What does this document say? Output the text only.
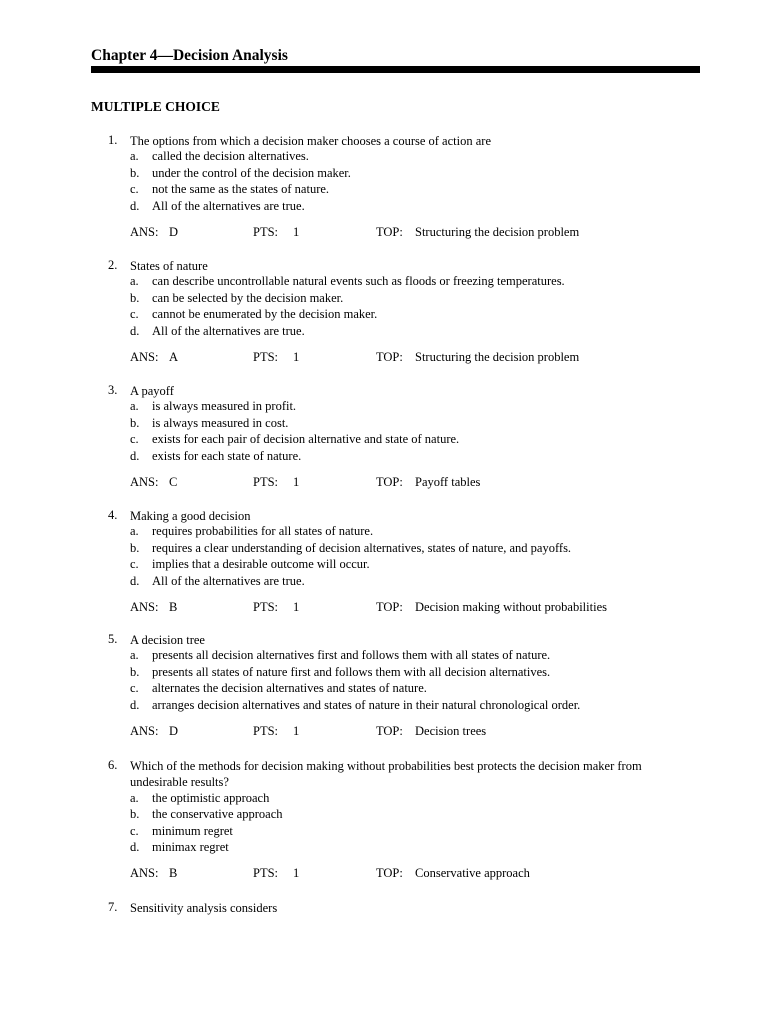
Chapter 4—Decision Analysis
MULTIPLE CHOICE
1. The options from which a decision maker chooses a course of action are
a. called the decision alternatives.
b. under the control of the decision maker.
c. not the same as the states of nature.
d. All of the alternatives are true.
ANS: D	PTS: 1	TOP: Structuring the decision problem
2. States of nature
a. can describe uncontrollable natural events such as floods or freezing temperatures.
b. can be selected by the decision maker.
c. cannot be enumerated by the decision maker.
d. All of the alternatives are true.
ANS: A	PTS: 1	TOP: Structuring the decision problem
3. A payoff
a. is always measured in profit.
b. is always measured in cost.
c. exists for each pair of decision alternative and state of nature.
d. exists for each state of nature.
ANS: C	PTS: 1	TOP: Payoff tables
4. Making a good decision
a. requires probabilities for all states of nature.
b. requires a clear understanding of decision alternatives, states of nature, and payoffs.
c. implies that a desirable outcome will occur.
d. All of the alternatives are true.
ANS: B	PTS: 1	TOP: Decision making without probabilities
5. A decision tree
a. presents all decision alternatives first and follows them with all states of nature.
b. presents all states of nature first and follows them with all decision alternatives.
c. alternates the decision alternatives and states of nature.
d. arranges decision alternatives and states of nature in their natural chronological order.
ANS: D	PTS: 1	TOP: Decision trees
6. Which of the methods for decision making without probabilities best protects the decision maker from undesirable results?
a. the optimistic approach
b. the conservative approach
c. minimum regret
d. minimax regret
ANS: B	PTS: 1	TOP: Conservative approach
7. Sensitivity analysis considers
